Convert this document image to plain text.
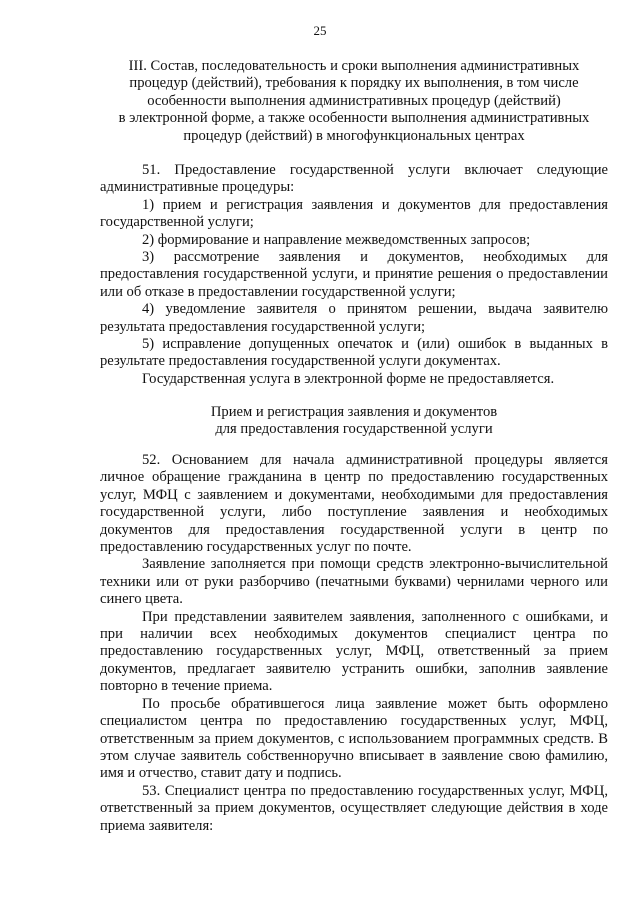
25
III. Состав, последовательность и сроки выполнения административных
процедур (действий), требования к порядку их выполнения, в том числе
особенности выполнения административных процедур (действий)
в электронной форме, а также особенности выполнения административных
процедур (действий) в многофункциональных центрах

51. Предоставление государственной услуги включает следующие административные процедуры:

1) прием и регистрация заявления и документов для предоставления государственной услуги;

2) формирование и направление межведомственных запросов;

3) рассмотрение заявления и документов, необходимых для предоставления государственной услуги, и принятие решения о предоставлении или об отказе в предоставлении государственной услуги;

4) уведомление заявителя о принятом решении, выдача заявителю результата предоставления государственной услуги;

5) исправление допущенных опечаток и (или) ошибок в выданных в результате предоставления государственной услуги документах.

Государственная услуга в электронной форме не предоставляется.

Прием и регистрация заявления и документов
для предоставления государственной услуги

52. Основанием для начала административной процедуры является личное обращение гражданина в центр по предоставлению государственных услуг, МФЦ с заявлением и документами, необходимыми для предоставления государственной услуги, либо поступление заявления и необходимых документов для предоставления государственной услуги в центр по предоставлению государственных услуг по почте.

Заявление заполняется при помощи средств электронно-вычислительной техники или от руки разборчиво (печатными буквами) чернилами черного или синего цвета.

При представлении заявителем заявления, заполненного с ошибками, и при наличии всех необходимых документов специалист центра по предоставлению государственных услуг, МФЦ, ответственный за прием документов, предлагает заявителю устранить ошибки, заполнив заявление повторно в течение приема.

По просьбе обратившегося лица заявление может быть оформлено специалистом центра по предоставлению государственных услуг, МФЦ, ответственным за прием документов, с использованием программных средств. В этом случае заявитель собственноручно вписывает в заявление свою фамилию, имя и отчество, ставит дату и подпись.

53. Специалист центра по предоставлению государственных услуг, МФЦ, ответственный за прием документов, осуществляет следующие действия в ходе приема заявителя:
